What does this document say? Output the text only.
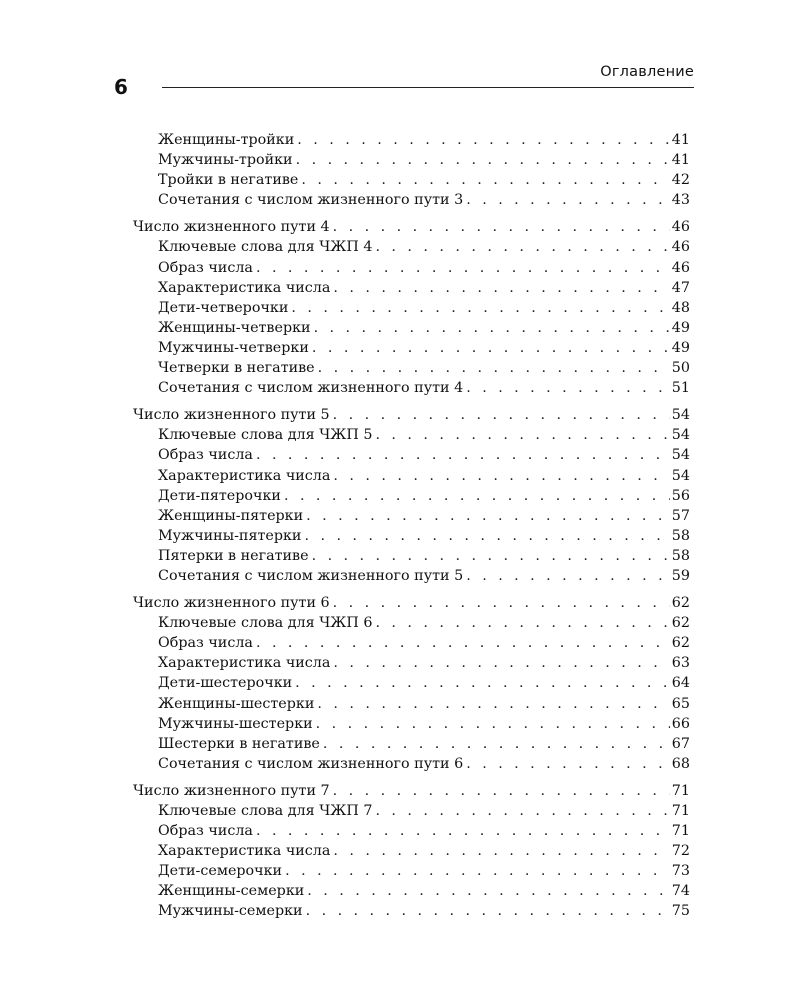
6
Оглавление
Женщины-тройки . . .	41
Мужчины-тройки . . .	41
Тройки в негативе . . .	42
Сочетания с числом жизненного пути 3 . . .	43
Число жизненного пути 4 . . .	46
Ключевые слова для ЧЖП 4 . . .	46
Образ числа . . .	46
Характеристика числа . . .	47
Дети-четверочки . . .	48
Женщины-четверки . . .	49
Мужчины-четверки . . .	49
Четверки в негативе . . .	50
Сочетания с числом жизненного пути 4 . . .	51
Число жизненного пути 5 . . .	54
Ключевые слова для ЧЖП 5 . . .	54
Образ числа . . .	54
Характеристика числа . . .	54
Дети-пятерочки . . .	56
Женщины-пятерки . . .	57
Мужчины-пятерки . . .	58
Пятерки в негативе . . .	58
Сочетания с числом жизненного пути 5 . . .	59
Число жизненного пути 6 . . .	62
Ключевые слова для ЧЖП 6 . . .	62
Образ числа . . .	62
Характеристика числа . . .	63
Дети-шестерочки . . .	64
Женщины-шестерки . . .	65
Мужчины-шестерки . . .	66
Шестерки в негативе . . .	67
Сочетания с числом жизненного пути 6 . . .	68
Число жизненного пути 7 . . .	71
Ключевые слова для ЧЖП 7 . . .	71
Образ числа . . .	71
Характеристика числа . . .	72
Дети-семерочки . . .	73
Женщины-семерки . . .	74
Мужчины-семерки . . .	75
